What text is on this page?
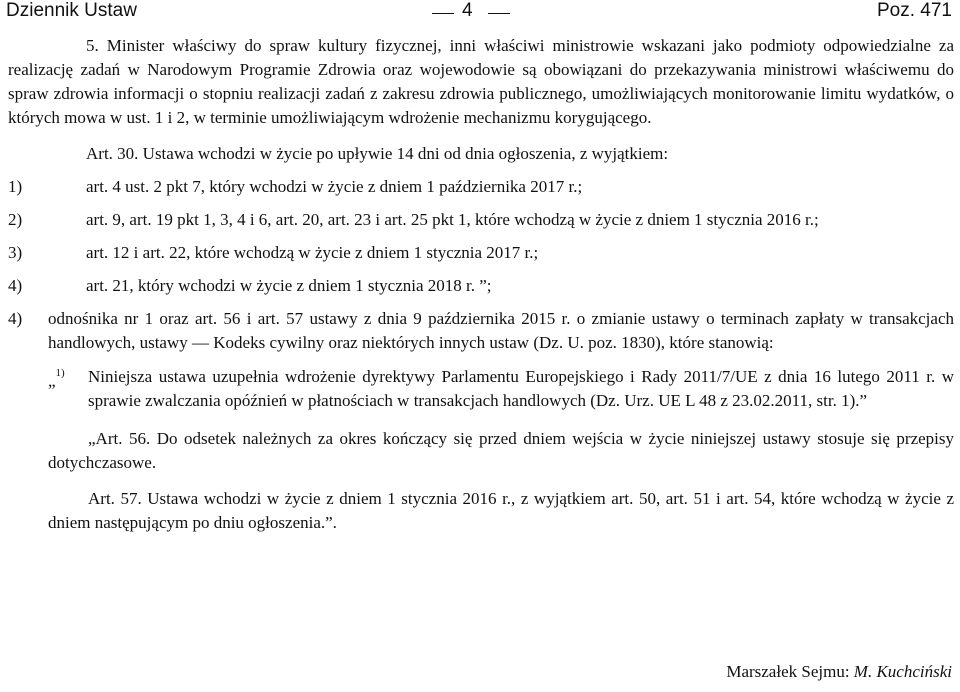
Dziennik Ustaw	4	Poz. 471

5. Minister właściwy do spraw kultury fizycznej, inni właściwi ministrowie wskazani jako podmioty odpowiedzialne za realizację zadań w Narodowym Programie Zdrowia oraz wojewodowie są obowiązani do przekazywania ministrowi właściwemu do spraw zdrowia informacji o stopniu realizacji zadań z zakresu zdrowia publicznego, umożliwiających monitorowanie limitu wydatków, o których mowa w ust. 1 i 2, w terminie umożliwiającym wdrożenie mechanizmu korygującego.

Art. 30. Ustawa wchodzi w życie po upływie 14 dni od dnia ogłoszenia, z wyjątkiem:

1)	art. 4 ust. 2 pkt 7, który wchodzi w życie z dniem 1 października 2017 r.;
2)	art. 9, art. 19 pkt 1, 3, 4 i 6, art. 20, art. 23 i art. 25 pkt 1, które wchodzą w życie z dniem 1 stycznia 2016 r.;
3)	art. 12 i art. 22, które wchodzą w życie z dniem 1 stycznia 2017 r.;
4)	art. 21, który wchodzi w życie z dniem 1 stycznia 2018 r. ”;
4)	odnośnika nr 1 oraz art. 56 i art. 57 ustawy z dnia 9 października 2015 r. o zmianie ustawy o terminach zapłaty w transakcjach handlowych, ustawy — Kodeks cywilny oraz niektórych innych ustaw (Dz. U. poz. 1830), które stanowią:
„$^{1)}$	Niniejsza ustawa uzupełnia wdrożenie dyrektywy Parlamentu Europejskiego i Rady 2011/7/UE z dnia 16 lutego 2011 r. w sprawie zwalczania opóźnień w płatnościach w transakcjach handlowych (Dz. Urz. UE L 48 z 23.02.2011, str. 1).”

„Art. 56. Do odsetek należnych za okres kończący się przed dniem wejścia w życie niniejszej ustawy stosuje się przepisy dotychczasowe.

Art. 57. Ustawa wchodzi w życie z dniem 1 stycznia 2016 r., z wyjątkiem art. 50, art. 51 i art. 54, które wchodzą w życie z dniem następującym po dniu ogłoszenia.”.

Marszałek Sejmu: M. Kuchciński
